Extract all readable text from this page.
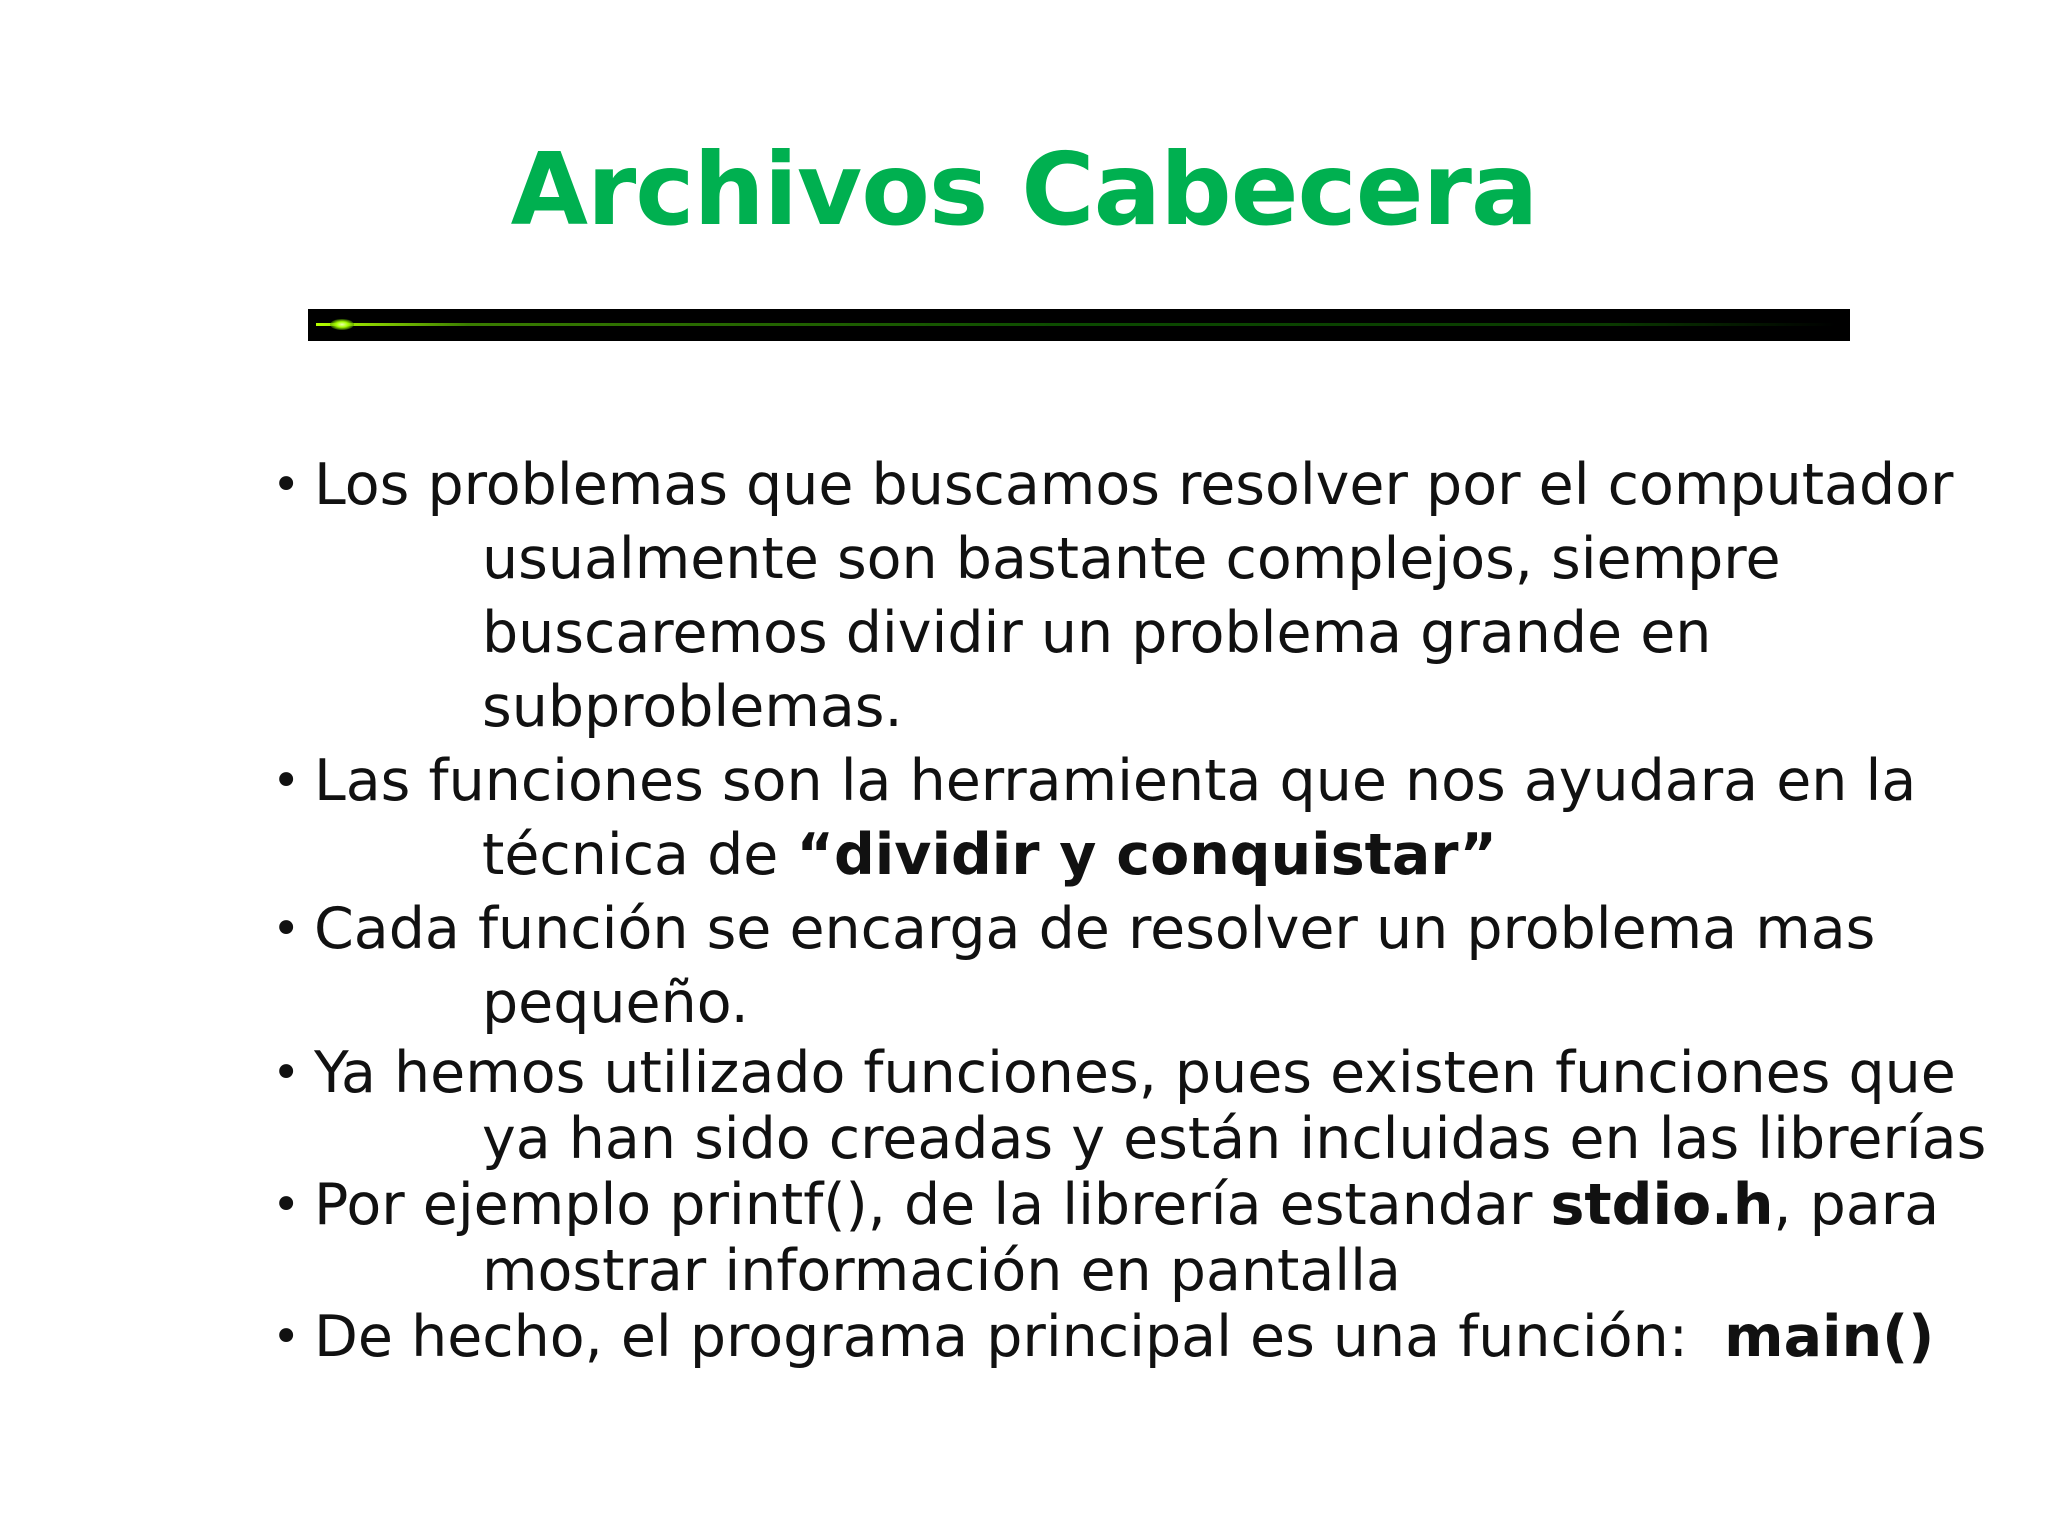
Archivos Cabecera
• Los problemas que buscamos resolver por el computador
usualmente son bastante complejos, siempre
buscaremos dividir un problema grande en
subproblemas.
• Las funciones son la herramienta que nos ayudara en la
técnica de “dividir y conquistar”
• Cada función se encarga de resolver un problema mas
pequeño.
• Ya hemos utilizado funciones, pues existen funciones que
ya han sido creadas y están incluidas en las librerías
• Por ejemplo printf(), de la librería estandar stdio.h, para
mostrar información en pantalla
• De hecho, el programa principal es una función:  main()
